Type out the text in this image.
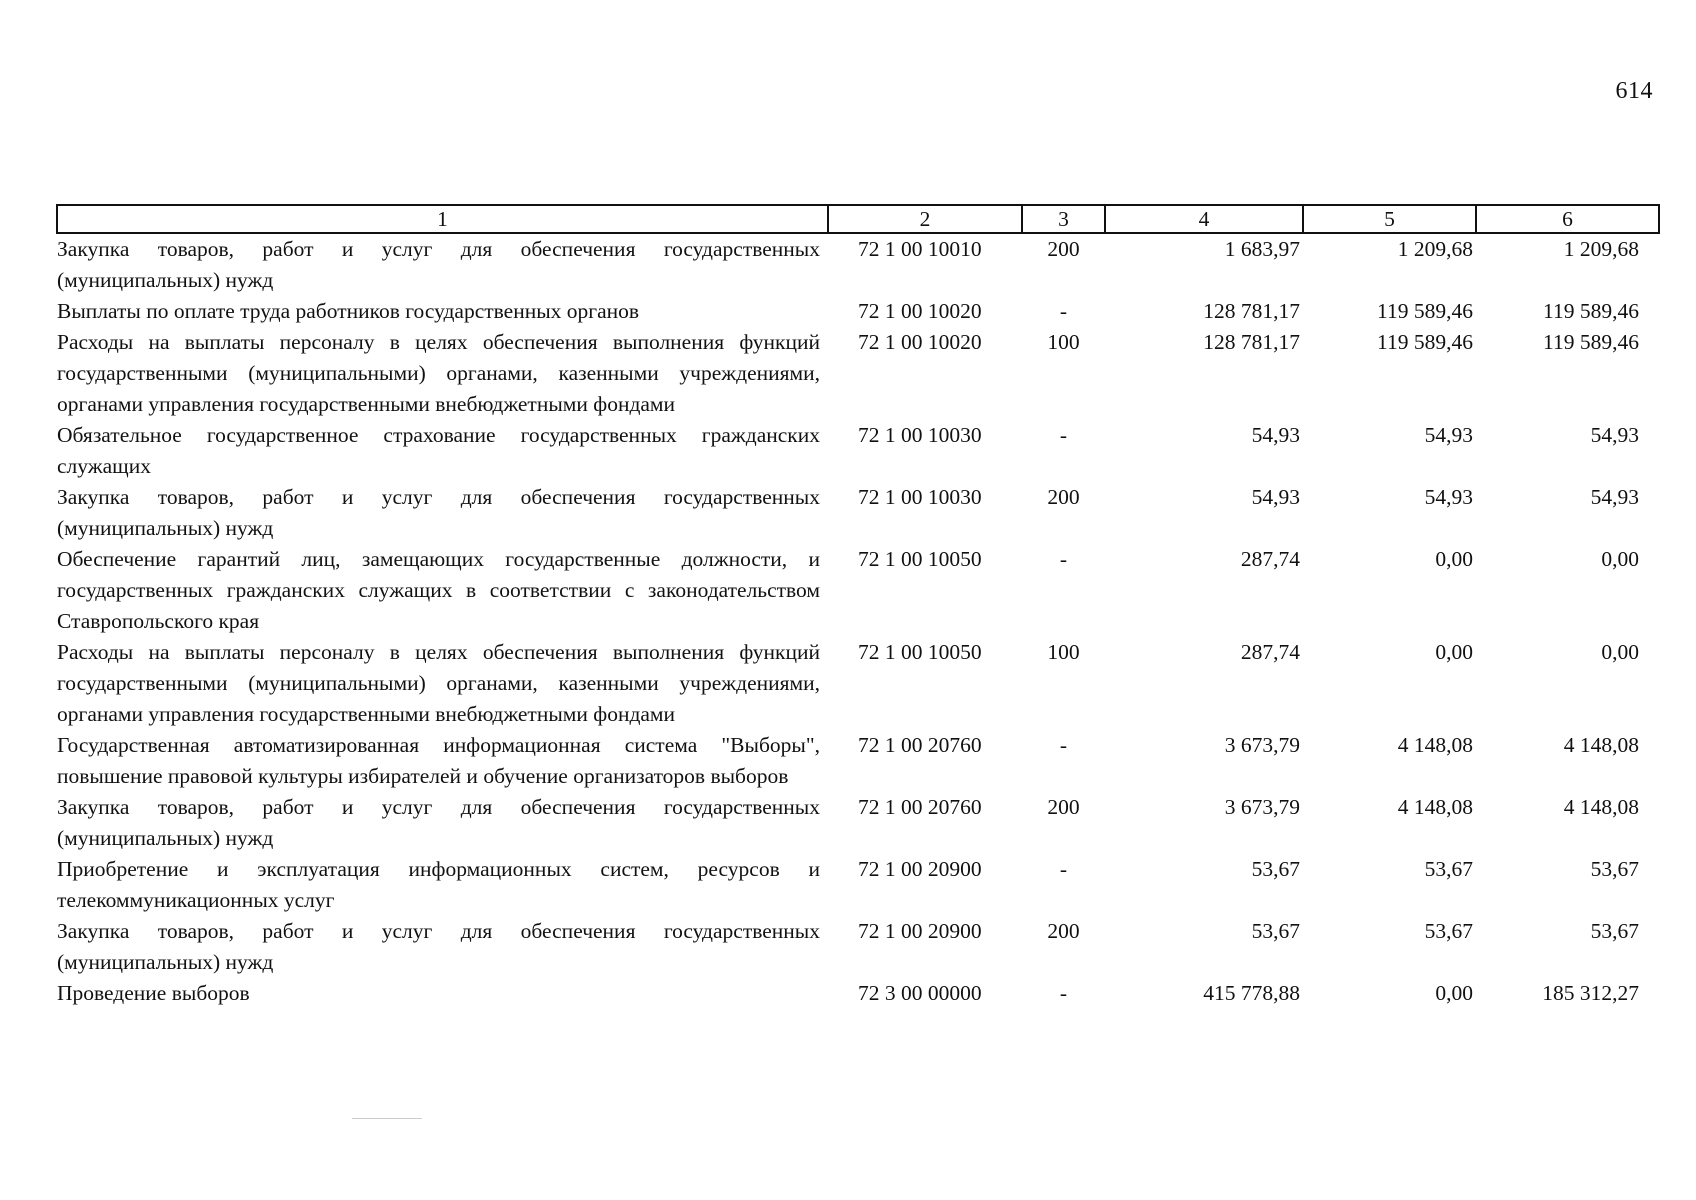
614
1	2	3	4	5	6
Закупка товаров, работ и услуг для обеспечения государственных (муниципальных) нужд	72 1 00 10010	200	1 683,97	1 209,68	1 209,68
Выплаты по оплате труда работников государственных органов	72 1 00 10020	-	128 781,17	119 589,46	119 589,46
Расходы на выплаты персоналу в целях обеспечения выполнения функций государственными (муниципальными) органами, казенными учреждениями, органами управления государственными внебюджетными фондами	72 1 00 10020	100	128 781,17	119 589,46	119 589,46
Обязательное государственное страхование государственных гражданских служащих	72 1 00 10030	-	54,93	54,93	54,93
Закупка товаров, работ и услуг для обеспечения государственных (муниципальных) нужд	72 1 00 10030	200	54,93	54,93	54,93
Обеспечение гарантий лиц, замещающих государственные должности, и государственных гражданских служащих в соответствии с законодательством Ставропольского края	72 1 00 10050	-	287,74	0,00	0,00
Расходы на выплаты персоналу в целях обеспечения выполнения функций государственными (муниципальными) органами, казенными учреждениями, органами управления государственными внебюджетными фондами	72 1 00 10050	100	287,74	0,00	0,00
Государственная автоматизированная информационная система "Выборы", повышение правовой культуры избирателей и обучение организаторов выборов	72 1 00 20760	-	3 673,79	4 148,08	4 148,08
Закупка товаров, работ и услуг для обеспечения государственных (муниципальных) нужд	72 1 00 20760	200	3 673,79	4 148,08	4 148,08
Приобретение и эксплуатация информационных систем, ресурсов и телекоммуникационных услуг	72 1 00 20900	-	53,67	53,67	53,67
Закупка товаров, работ и услуг для обеспечения государственных (муниципальных) нужд	72 1 00 20900	200	53,67	53,67	53,67
Проведение выборов	72 3 00 00000	-	415 778,88	0,00	185 312,27
